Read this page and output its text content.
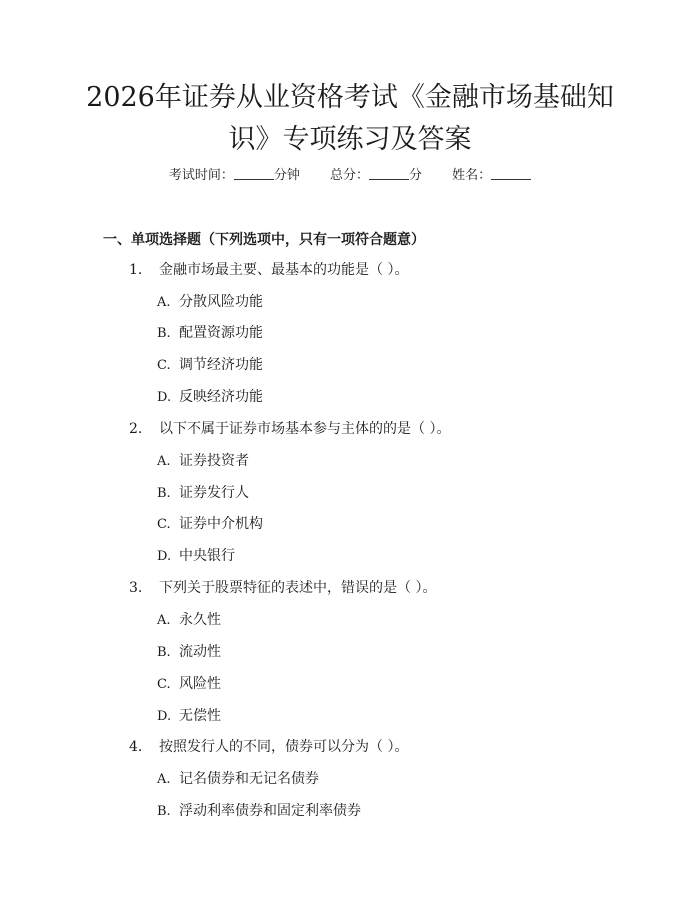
2026年证券从业资格考试《金融市场基础知
识》专项练习及答案
考试时间：	分钟 总分：	分 姓名：
一、单项选择题（下列选项中，只有一项符合题意）
1. 金融市场最主要、最基本的功能是（ ）。
A. 分散风险功能
B. 配置资源功能
C. 调节经济功能
D. 反映经济功能
2. 以下不属于证券市场基本参与主体的的是（ ）。
A. 证券投资者
B. 证券发行人
C. 证券中介机构
D. 中央银行
3. 下列关于股票特征的表述中，错误的是（ ）。
A. 永久性
B. 流动性
C. 风险性
D. 无偿性
4. 按照发行人的不同，债券可以分为（ ）。
A. 记名债券和无记名债券
B. 浮动利率债券和固定利率债券
